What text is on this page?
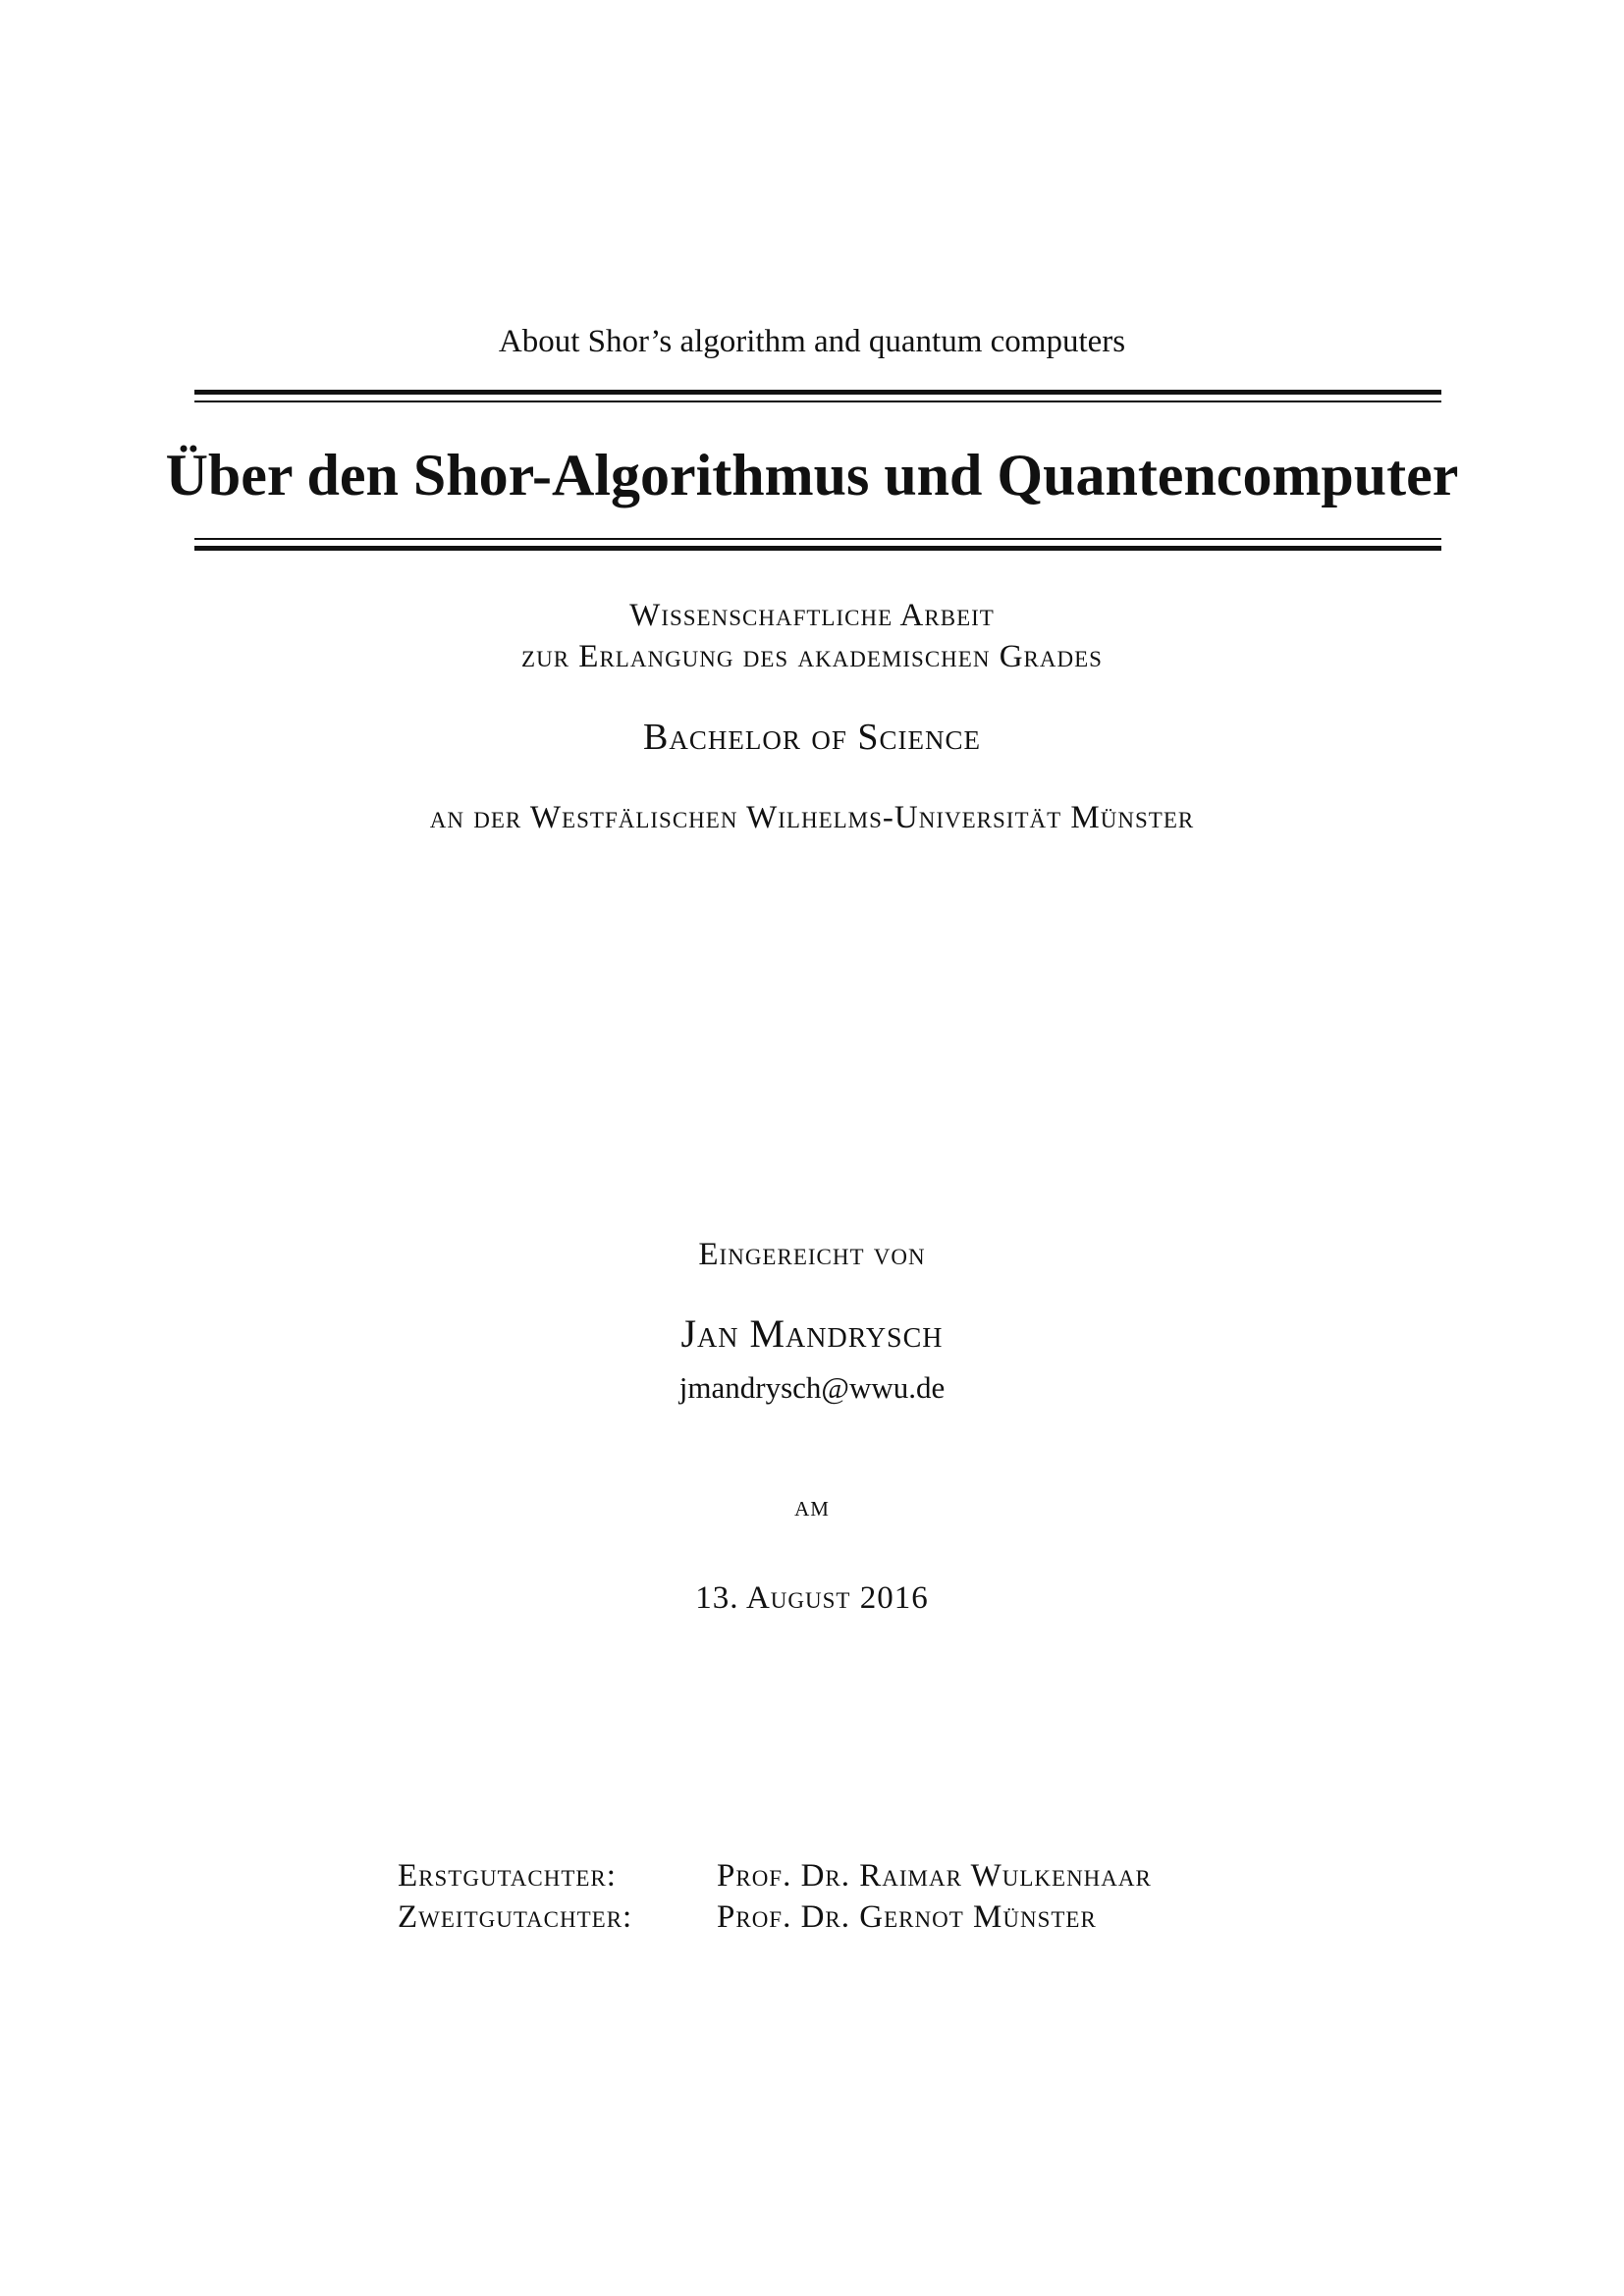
About Shor’s algorithm and quantum computers
Über den Shor-Algorithmus und Quantencomputer
Wissenschaftliche Arbeit
zur Erlangung des akademischen Grades
Bachelor of Science
an der Westfälischen Wilhelms-Universität Münster
Eingereicht von
Jan Mandrysch
jmandrysch@wwu.de
am
13. August 2016
Erstgutachter:	Prof. Dr. Raimar Wulkenhaar
Zweitgutachter:	Prof. Dr. Gernot Münster
